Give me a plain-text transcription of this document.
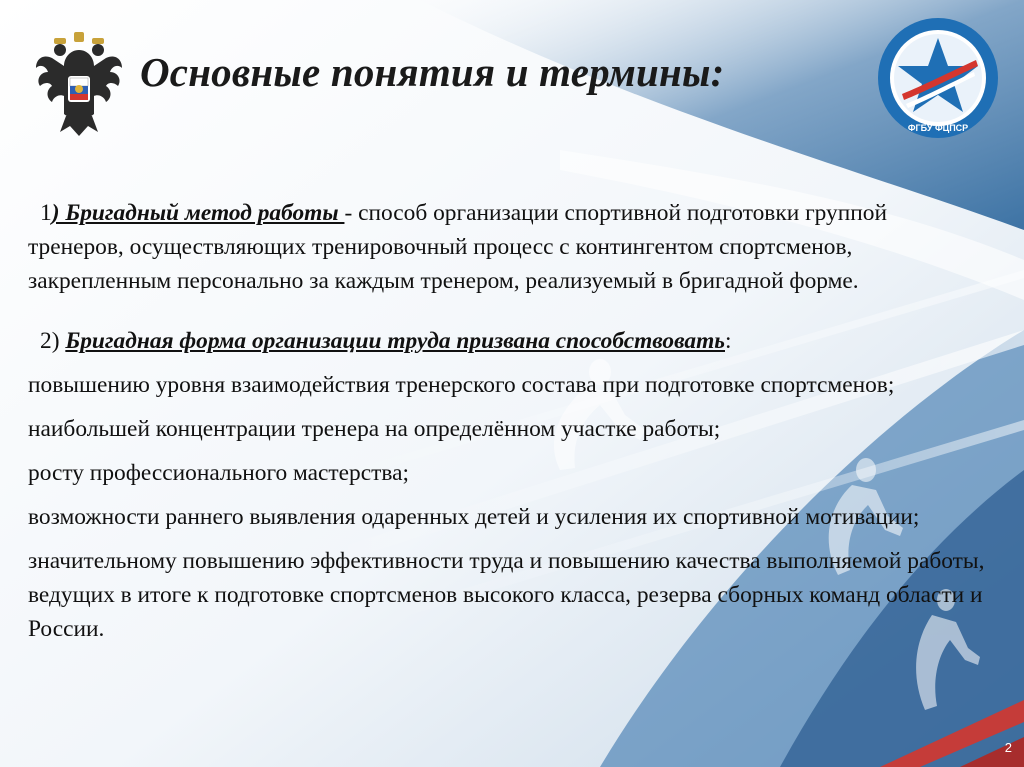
Основные понятия и термины:
ФГБУ ФЦПСР

1) Бригадный метод работы - способ организации спортивной подготовки группой тренеров, осуществляющих тренировочный процесс с контингентом спортсменов, закрепленным персонально за каждым тренером, реализуемый в бригадной форме.

2) Бригадная форма организации труда призвана способствовать:

повышению уровня взаимодействия тренерского состава при подготовке спортсменов;

наибольшей концентрации тренера на определённом участке работы;

росту профессионального мастерства;

возможности раннего выявления одаренных детей и усиления их спортивной мотивации;

значительному повышению эффективности труда и повышению качества выполняемой работы, ведущих в итоге к подготовке спортсменов высокого класса, резерва сборных команд области и России.

2
